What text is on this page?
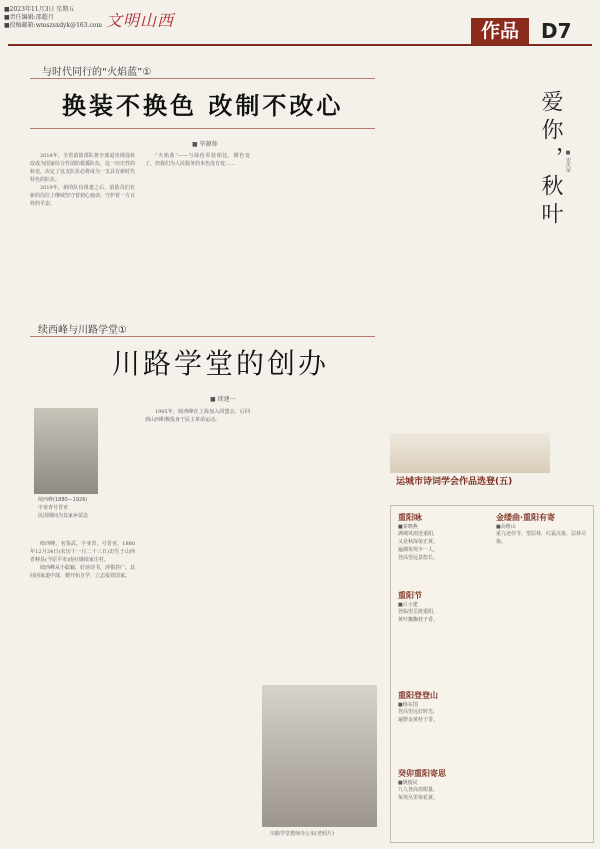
■2023年11月3日 星期五
■责任编辑:邵超月
■投稿邮箱:wmszsxdyk@163.com 文明山西	作品	D7
与时代同行的“火焰蓝”①
换装不换色 改制不改心
■ 毕源帅

2018年，全省消防部队将全部退出现役转改成为国家综合性消防救援队伍，这一历史性的转变，决定了这支队伍必将成为一支具有新时代特色的队伍。

2019年，新的队伍组建之后，消防员们在新的岗位上继续坚守着初心使命，守护着一方百姓的平安。

“火焰蓝”——与绿色军装相比，颜色变了，但我们为人民服务的本色没有变……

续西峰与川路学堂①
川路学堂的创办
■ 续建一
续西峰(1880—1926)
字亚青号晋亚
民国期间为其家乡留念

续西峰，名鉴武，字亚青，号晋亚，1880年12月24日(农历十一月二十三日)出生于山西省崞县(今原平市)南社镇续家庄村。

续西峰从小聪颖，好读诗书，涉猎甚广。其间因家道中落，便开始自学，立志报效国家。

1905年，续西峰在上海加入同盟会，后回到山西积极投身于民主革命运动。

川路学堂教师办公室(老照片)
爱你，秋叶 ■ 安庆荣
运城市诗词学会作品选登(五)
重阳咏
■秦晓燕
满城风雨近重阳，
又是秋深菊正黄。
遍插茱萸少一人，
登高望远意悠长。
重阳节
■吕小建
登临望岳渡重阳，
黄叶飘飘桂子香。
金缕曲·重阳有寄
■高维山
重九还佳节，望层林，红霜点染，层林尽染。
重阳登登山
■杨东国
登高望远好时光，
遍野金黄桂子香。
癸卯重阳寄思
■姚俊民
九九登高放眼量，
茱萸丛里菊花黄。
